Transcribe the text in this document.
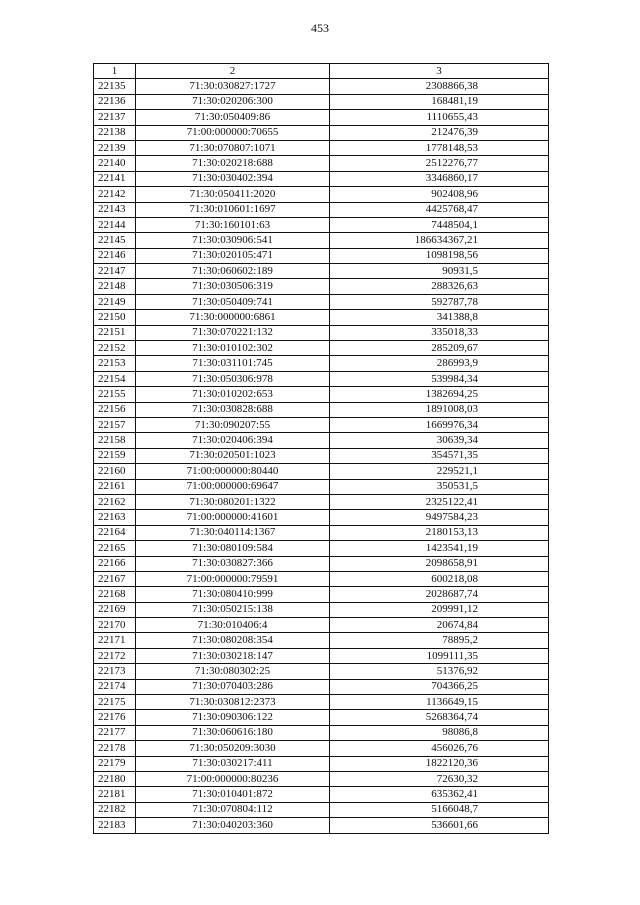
453
1	2	3
22135	71:30:030827:1727	2308866,38
22136	71:30:020206:300	168481,19
22137	71:30:050409:86	1110655,43
22138	71:00:000000:70655	212476,39
22139	71:30:070807:1071	1778148,53
22140	71:30:020218:688	2512276,77
22141	71:30:030402:394	3346860,17
22142	71:30:050411:2020	902408,96
22143	71:30:010601:1697	4425768,47
22144	71:30:160101:63	7448504,1
22145	71:30:030906:541	186634367,21
22146	71:30:020105:471	1098198,56
22147	71:30:060602:189	90931,5
22148	71:30:030506:319	288326,63
22149	71:30:050409:741	592787,78
22150	71:30:000000:6861	341388,8
22151	71:30:070221:132	335018,33
22152	71:30:010102:302	285209,67
22153	71:30:031101:745	286993,9
22154	71:30:050306:978	539984,34
22155	71:30:010202:653	1382694,25
22156	71:30:030828:688	1891008,03
22157	71:30:090207:55	1669976,34
22158	71:30:020406:394	30639,34
22159	71:30:020501:1023	354571,35
22160	71:00:000000:80440	229521,1
22161	71:00:000000:69647	350531,5
22162	71:30:080201:1322	2325122,41
22163	71:00:000000:41601	9497584,23
22164	71:30:040114:1367	2180153,13
22165	71:30:080109:584	1423541,19
22166	71:30:030827:366	2098658,91
22167	71:00:000000:79591	600218,08
22168	71:30:080410:999	2028687,74
22169	71:30:050215:138	209991,12
22170	71:30:010406:4	20674,84
22171	71:30:080208:354	78895,2
22172	71:30:030218:147	1099111,35
22173	71:30:080302:25	51376,92
22174	71:30:070403:286	704366,25
22175	71:30:030812:2373	1136649,15
22176	71:30:090306:122	5268364,74
22177	71:30:060616:180	98086,8
22178	71:30:050209:3030	456026,76
22179	71:30:030217:411	1822120,36
22180	71:00:000000:80236	72630,32
22181	71:30:010401:872	635362,41
22182	71:30:070804:112	5166048,7
22183	71:30:040203:360	536601,66
